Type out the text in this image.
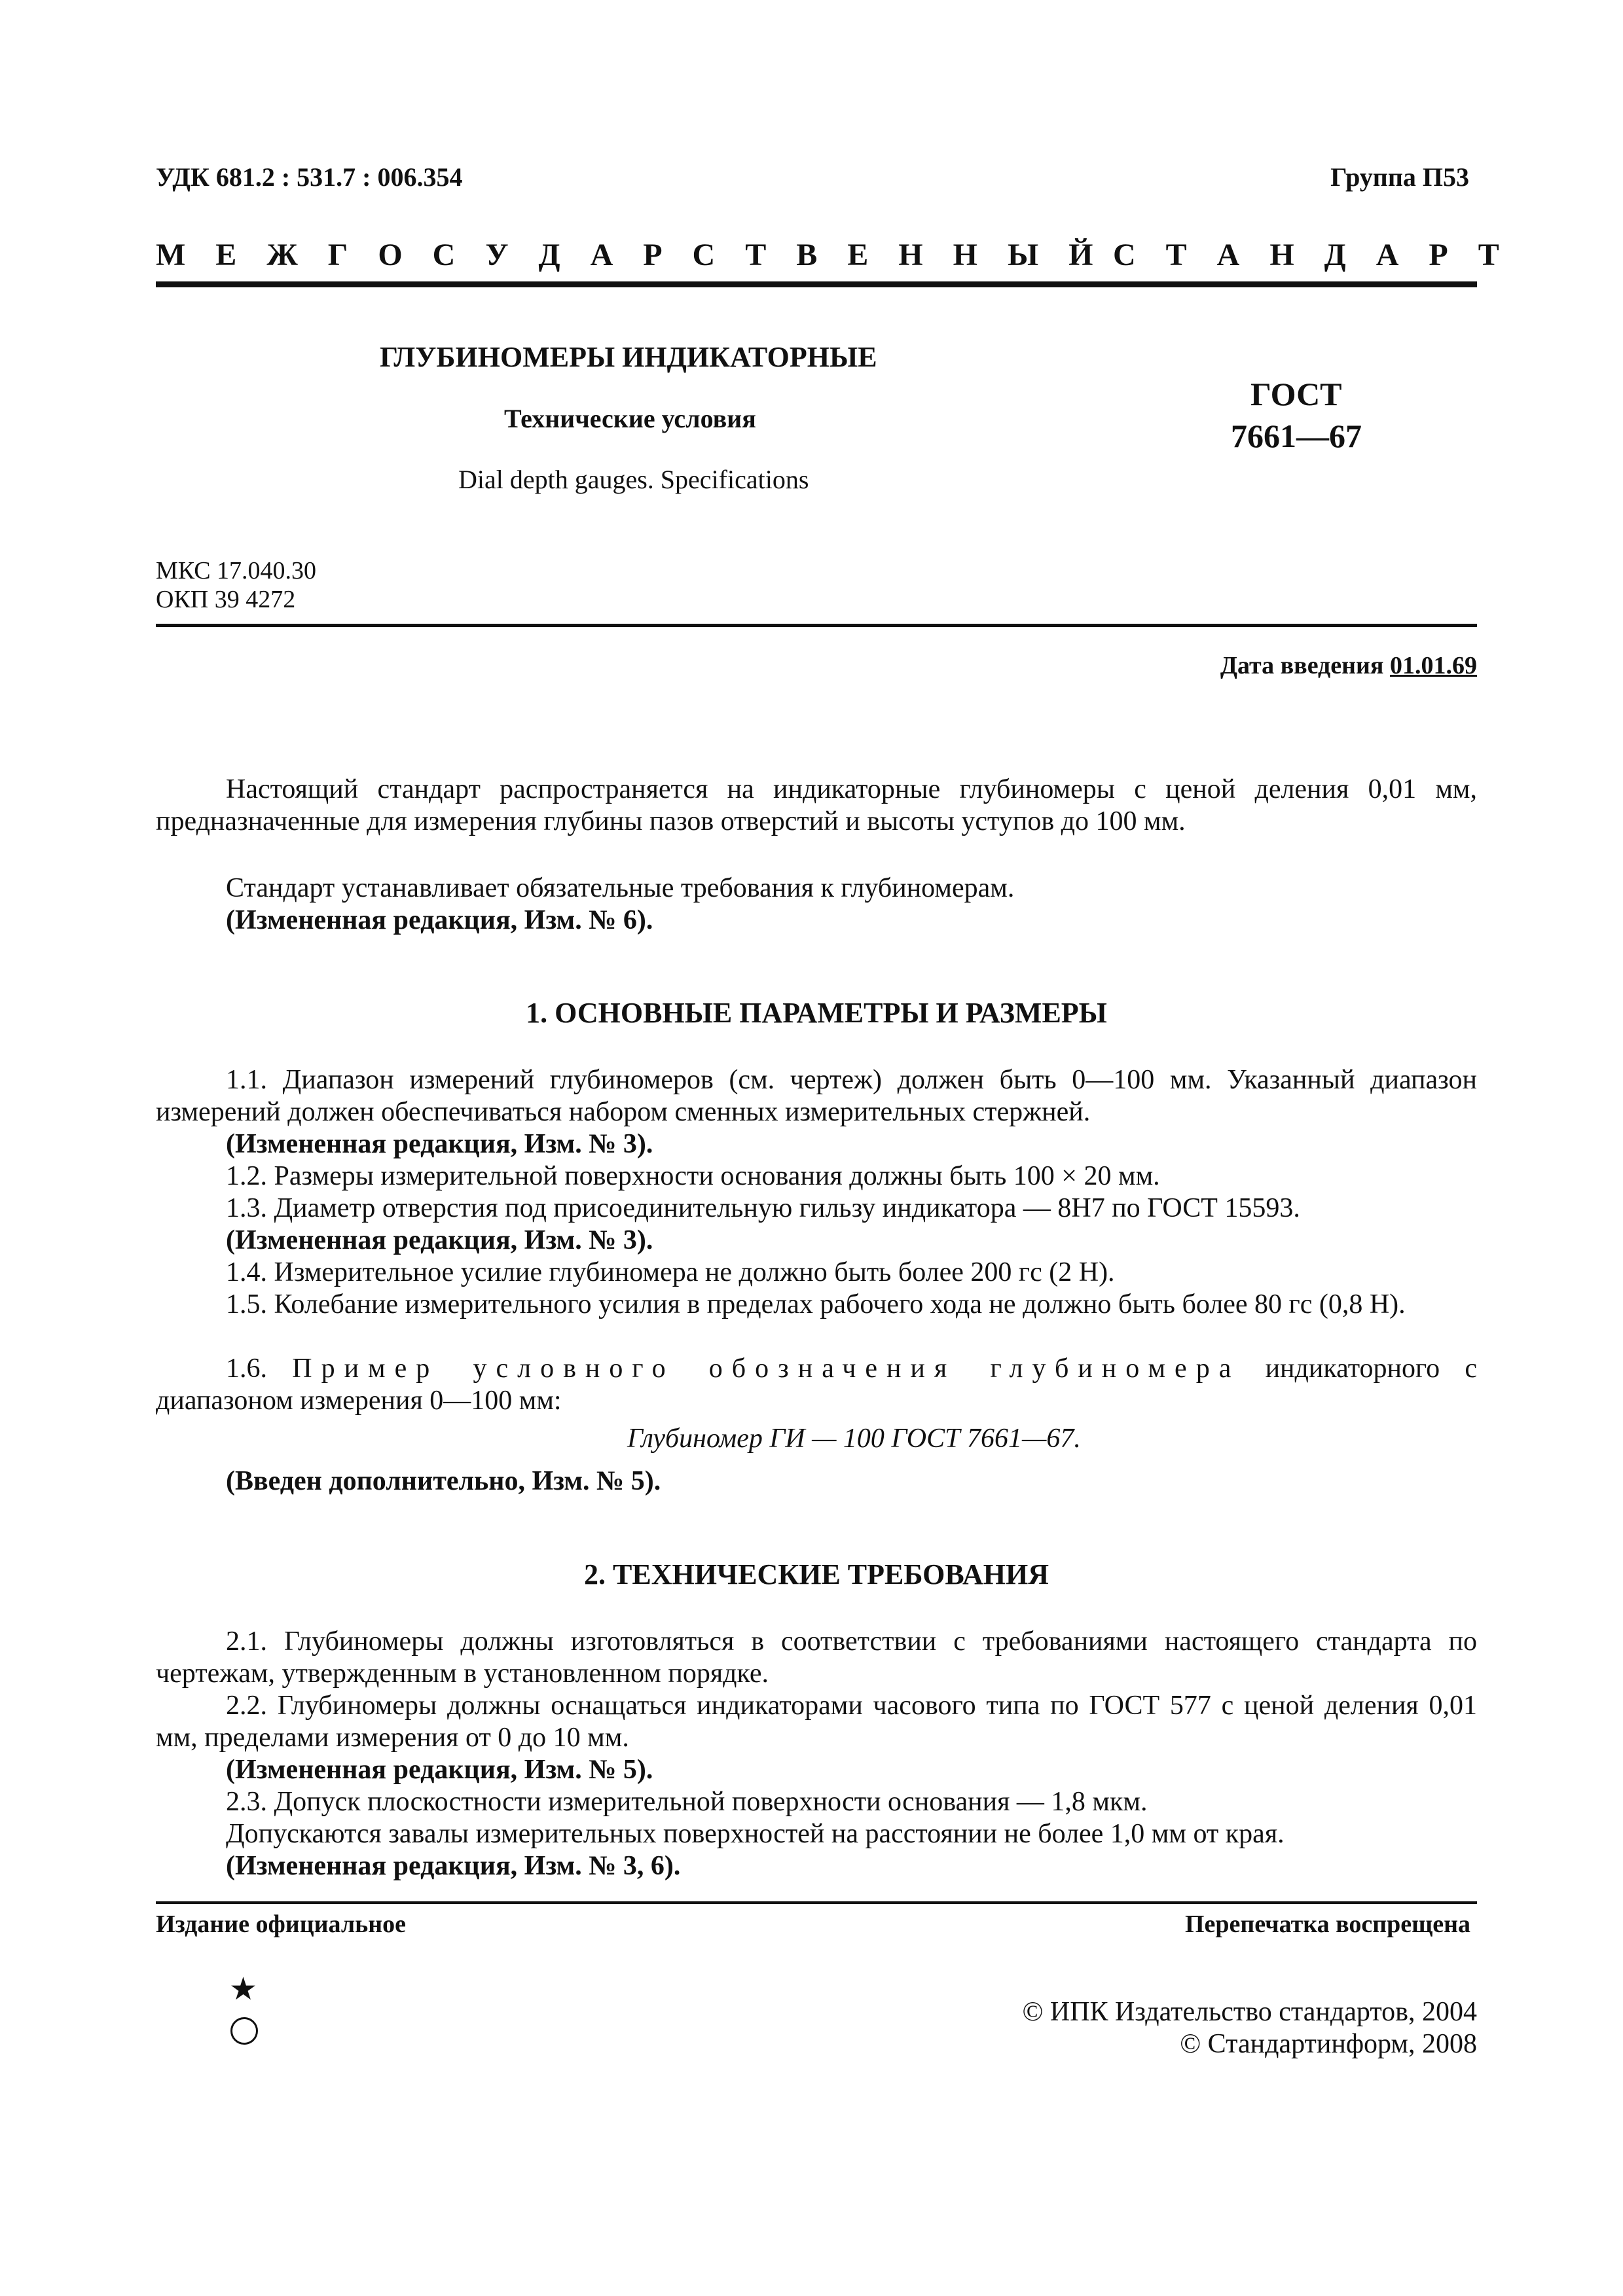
УДК 681.2 : 531.7 : 006.354	Группа П53
М Е Ж Г О С У Д А Р С Т В Е Н Н Ы Й С Т А Н Д А Р Т
ГЛУБИНОМЕРЫ ИНДИКАТОРНЫЕ
Технические условия
Dial depth gauges. Specifications
ГОСТ
7661—67
МКС 17.040.30
ОКП 39 4272
Дата введения 01.01.69
Настоящий стандарт распространяется на индикаторные глубиномеры с ценой деления 0,01 мм, предназначенные для измерения глубины пазов отверстий и высоты уступов до 100 мм.
Стандарт устанавливает обязательные требования к глубиномерам.
(Измененная редакция, Изм. № 6).
1. ОСНОВНЫЕ ПАРАМЕТРЫ И РАЗМЕРЫ
1.1. Диапазон измерений глубиномеров (см. чертеж) должен быть 0—100 мм. Указанный диапазон измерений должен обеспечиваться набором сменных измерительных стержней.
(Измененная редакция, Изм. № 3).
1.2. Размеры измерительной поверхности основания должны быть 100 × 20 мм.
1.3. Диаметр отверстия под присоединительную гильзу индикатора — 8H7 по ГОСТ 15593.
(Измененная редакция, Изм. № 3).
1.4. Измерительное усилие глубиномера не должно быть более 200 гс (2 Н).
1.5. Колебание измерительного усилия в пределах рабочего хода не должно быть более 80 гс (0,8 Н).
1.6. Пример условного обозначения глубиномера индикаторного с диапазоном измерения 0—100 мм:
Глубиномер ГИ — 100 ГОСТ 7661—67.
(Введен дополнительно, Изм. № 5).
2. ТЕХНИЧЕСКИЕ ТРЕБОВАНИЯ
2.1. Глубиномеры должны изготовляться в соответствии с требованиями настоящего стандарта по чертежам, утвержденным в установленном порядке.
2.2. Глубиномеры должны оснащаться индикаторами часового типа по ГОСТ 577 с ценой деления 0,01 мм, пределами измерения от 0 до 10 мм.
(Измененная редакция, Изм. № 5).
2.3. Допуск плоскостности измерительной поверхности основания — 1,8 мкм.
Допускаются завалы измерительных поверхностей на расстоянии не более 1,0 мм от края.
(Измененная редакция, Изм. № 3, 6).
Издание официальное	Перепечатка воспрещена
★
© ИПК Издательство стандартов, 2004
© Стандартинформ, 2008
